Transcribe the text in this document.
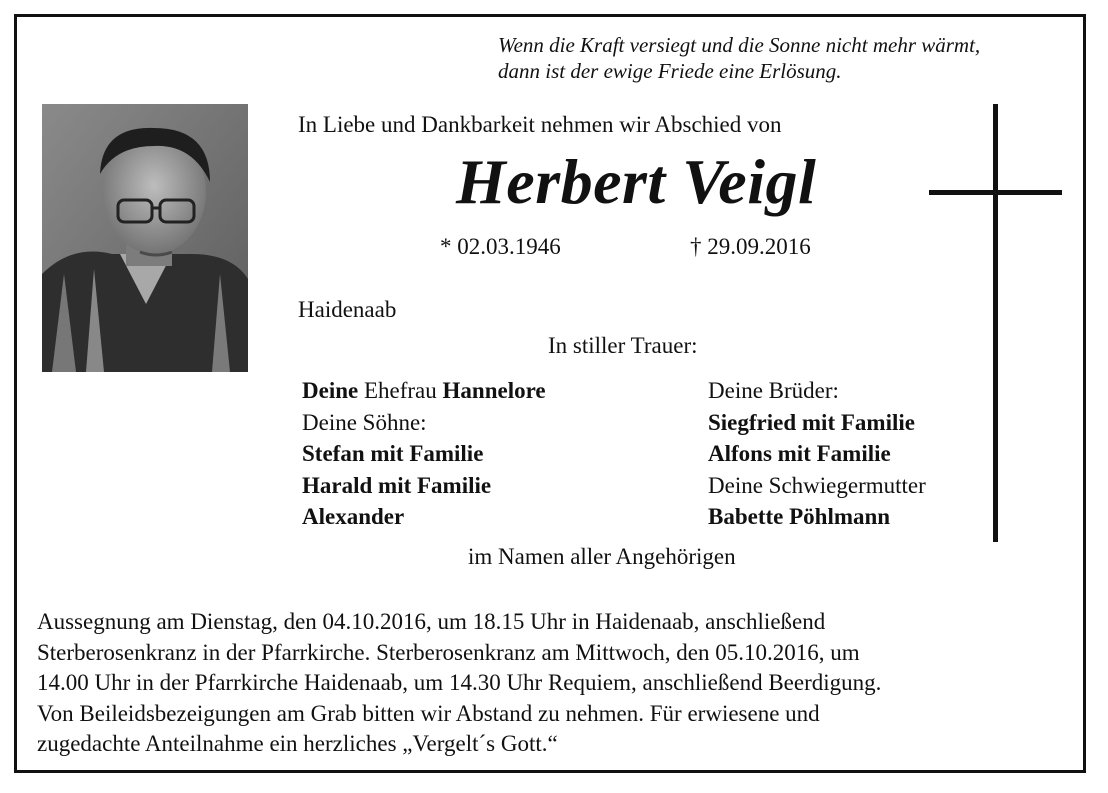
Wenn die Kraft versiegt und die Sonne nicht mehr wärmt,
dann ist der ewige Friede eine Erlösung.
In Liebe und Dankbarkeit nehmen wir Abschied von
Herbert Veigl
* 02.03.1946	† 29.09.2016
Haidenaab
In stiller Trauer:
Deine Ehefrau Hannelore
Deine Söhne:
Stefan mit Familie
Harald mit Familie
Alexander
Deine Brüder:
Siegfried mit Familie
Alfons mit Familie
Deine Schwiegermutter
Babette Pöhlmann
im Namen aller Angehörigen
Aussegnung am Dienstag, den 04.10.2016, um 18.15 Uhr in Haidenaab, anschließend
Sterberosenkranz in der Pfarrkirche. Sterberosenkranz am Mittwoch, den 05.10.2016, um
14.00 Uhr in der Pfarrkirche Haidenaab, um 14.30 Uhr Requiem, anschließend Beerdigung.
Von Beileidsbezeigungen am Grab bitten wir Abstand zu nehmen. Für erwiesene und
zugedachte Anteilnahme ein herzliches „Vergelt´s Gott.“
